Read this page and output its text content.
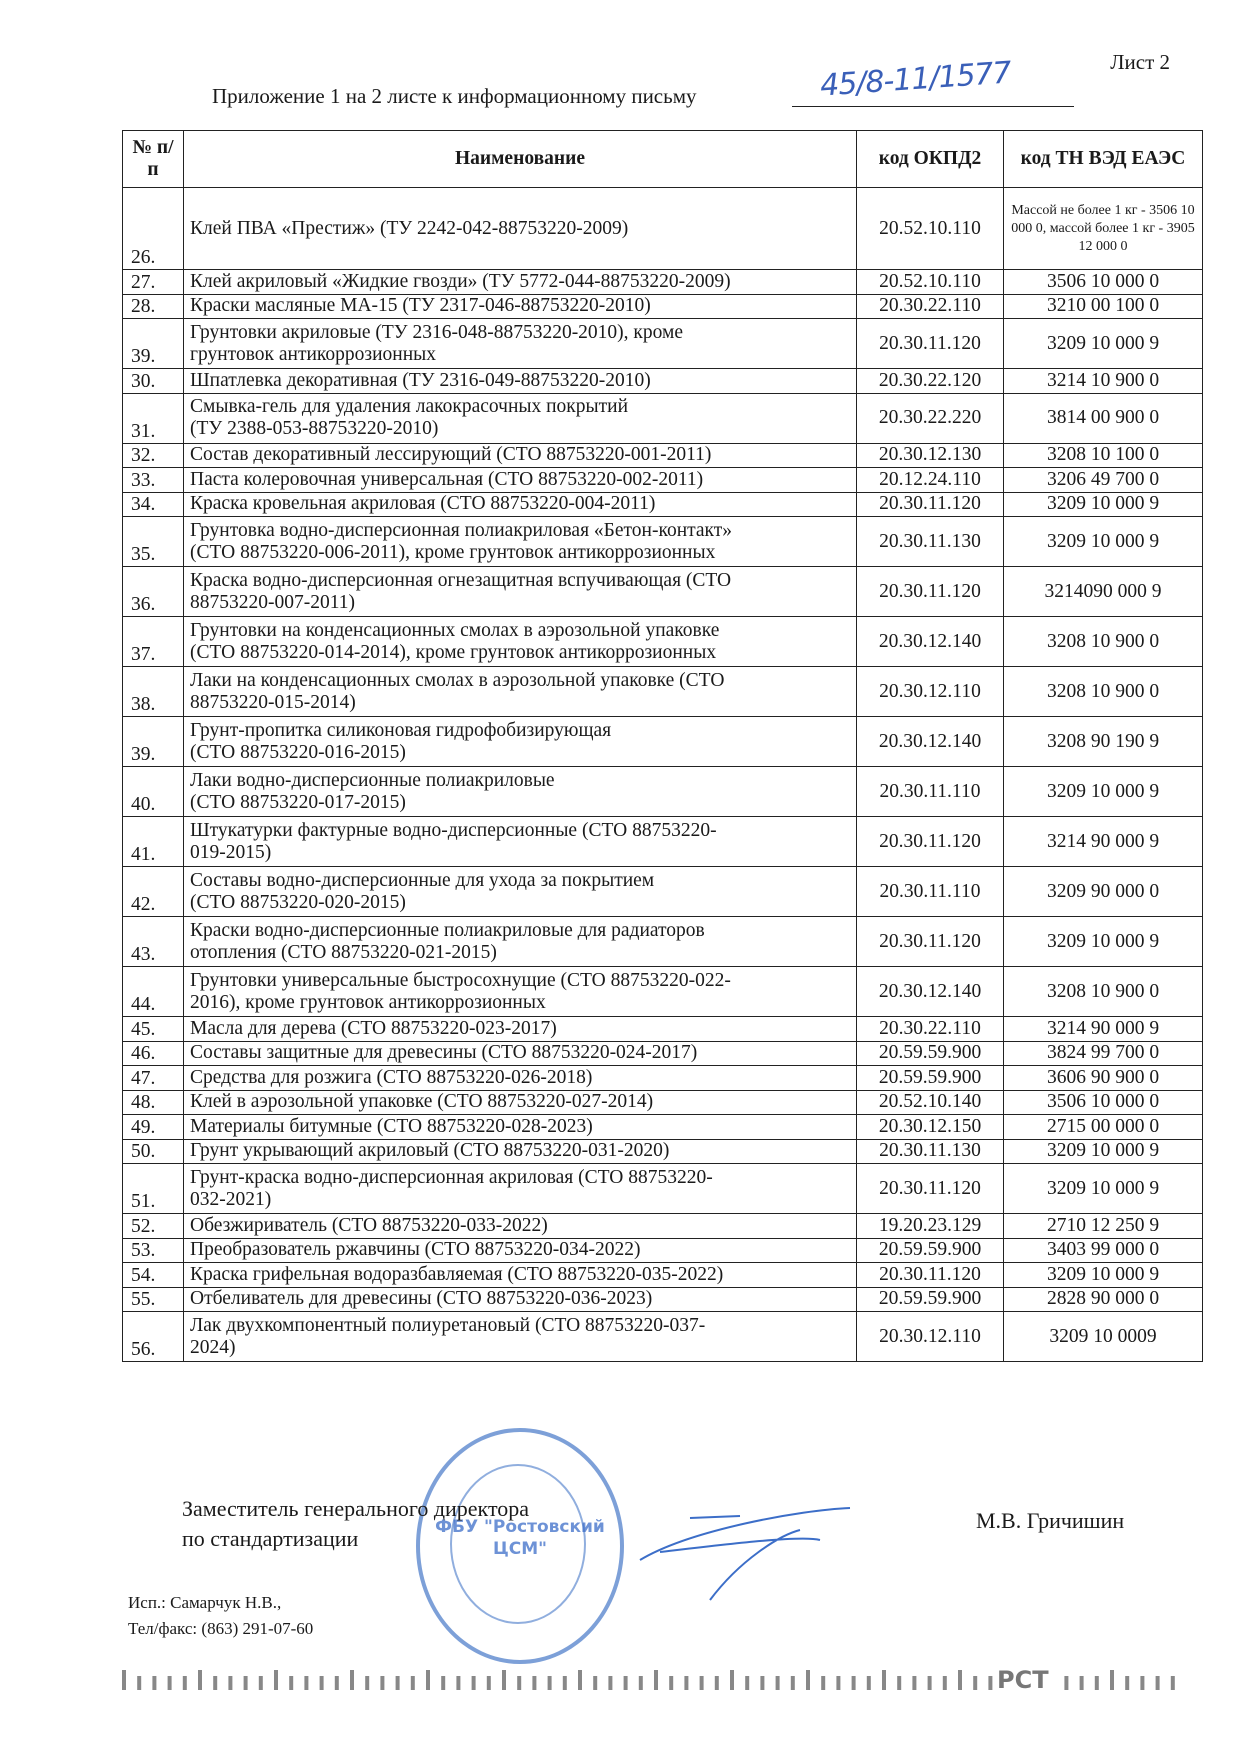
Лист 2
Приложение 1 на 2 листе к информационному письму	45/8-11/1577
№ п/п	Наименование	код ОКПД2	код ТН ВЭД ЕАЭС
26.	Клей ПВА «Престиж» (ТУ 2242-042-88753220-2009)	20.52.10.110	Массой не более 1 кг - 3506 10 000 0, массой более 1 кг - 3905 12 000 0
27.	Клей акриловый «Жидкие гвозди» (ТУ 5772-044-88753220-2009)	20.52.10.110	3506 10 000 0
28.	Краски масляные МА-15 (ТУ 2317-046-88753220-2010)	20.30.22.110	3210 00 100 0
39.	Грунтовки акриловые (ТУ 2316-048-88753220-2010), кроме
грунтовок антикоррозионных	20.30.11.120	3209 10 000 9
30.	Шпатлевка декоративная (ТУ 2316-049-88753220-2010)	20.30.22.120	3214 10 900 0
31.	Смывка-гель для удаления лакокрасочных покрытий
(ТУ 2388-053-88753220-2010)	20.30.22.220	3814 00 900 0
32.	Состав декоративный лессирующий (СТО 88753220-001-2011)	20.30.12.130	3208 10 100 0
33.	Паста колеровочная универсальная (СТО 88753220-002-2011)	20.12.24.110	3206 49 700 0
34.	Краска кровельная акриловая (СТО 88753220-004-2011)	20.30.11.120	3209 10 000 9
35.	Грунтовка водно-дисперсионная полиакриловая «Бетон-контакт»
(СТО 88753220-006-2011), кроме грунтовок антикоррозионных	20.30.11.130	3209 10 000 9
36.	Краска водно-дисперсионная огнезащитная вспучивающая (СТО
88753220-007-2011)	20.30.11.120	3214090 000 9
37.	Грунтовки на конденсационных смолах в аэрозольной упаковке
(СТО 88753220-014-2014), кроме грунтовок антикоррозионных	20.30.12.140	3208 10 900 0
38.	Лаки на конденсационных смолах в аэрозольной упаковке (СТО
88753220-015-2014)	20.30.12.110	3208 10 900 0
39.	Грунт-пропитка силиконовая гидрофобизирующая
(СТО 88753220-016-2015)	20.30.12.140	3208 90 190 9
40.	Лаки водно-дисперсионные полиакриловые
(СТО 88753220-017-2015)	20.30.11.110	3209 10 000 9
41.	Штукатурки фактурные водно-дисперсионные (СТО 88753220-
019-2015)	20.30.11.120	3214 90 000 9
42.	Составы водно-дисперсионные для ухода за покрытием
(СТО 88753220-020-2015)	20.30.11.110	3209 90 000 0
43.	Краски водно-дисперсионные полиакриловые для радиаторов
отопления (СТО 88753220-021-2015)	20.30.11.120	3209 10 000 9
44.	Грунтовки универсальные быстросохнущие (СТО 88753220-022-
2016), кроме грунтовок антикоррозионных	20.30.12.140	3208 10 900 0
45.	Масла для дерева (СТО 88753220-023-2017)	20.30.22.110	3214 90 000 9
46.	Составы защитные для древесины (СТО 88753220-024-2017)	20.59.59.900	3824 99 700 0
47.	Средства для розжига (СТО 88753220-026-2018)	20.59.59.900	3606 90 900 0
48.	Клей в аэрозольной упаковке (СТО 88753220-027-2014)	20.52.10.140	3506 10 000 0
49.	Материалы битумные (СТО 88753220-028-2023)	20.30.12.150	2715 00 000 0
50.	Грунт укрывающий акриловый (СТО 88753220-031-2020)	20.30.11.130	3209 10 000 9
51.	Грунт-краска водно-дисперсионная акриловая (СТО 88753220-
032-2021)	20.30.11.120	3209 10 000 9
52.	Обезжириватель (СТО 88753220-033-2022)	19.20.23.129	2710 12 250 9
53.	Преобразователь ржавчины (СТО 88753220-034-2022)	20.59.59.900	3403 99 000 0
54.	Краска грифельная водоразбавляемая (СТО 88753220-035-2022)	20.30.11.120	3209 10 000 9
55.	Отбеливатель для древесины (СТО 88753220-036-2023)	20.59.59.900	2828 90 000 0
56.	Лак двухкомпонентный полиуретановый (СТО 88753220-037-
2024)	20.30.12.110	3209 10 0009
ФБУ "Ростовский ЦСМ"
Заместитель генерального директора
по стандартизации
М.В. Гричишин
Исп.: Самарчук Н.В.,
Тел/факс: (863) 291-07-60
РСТ
